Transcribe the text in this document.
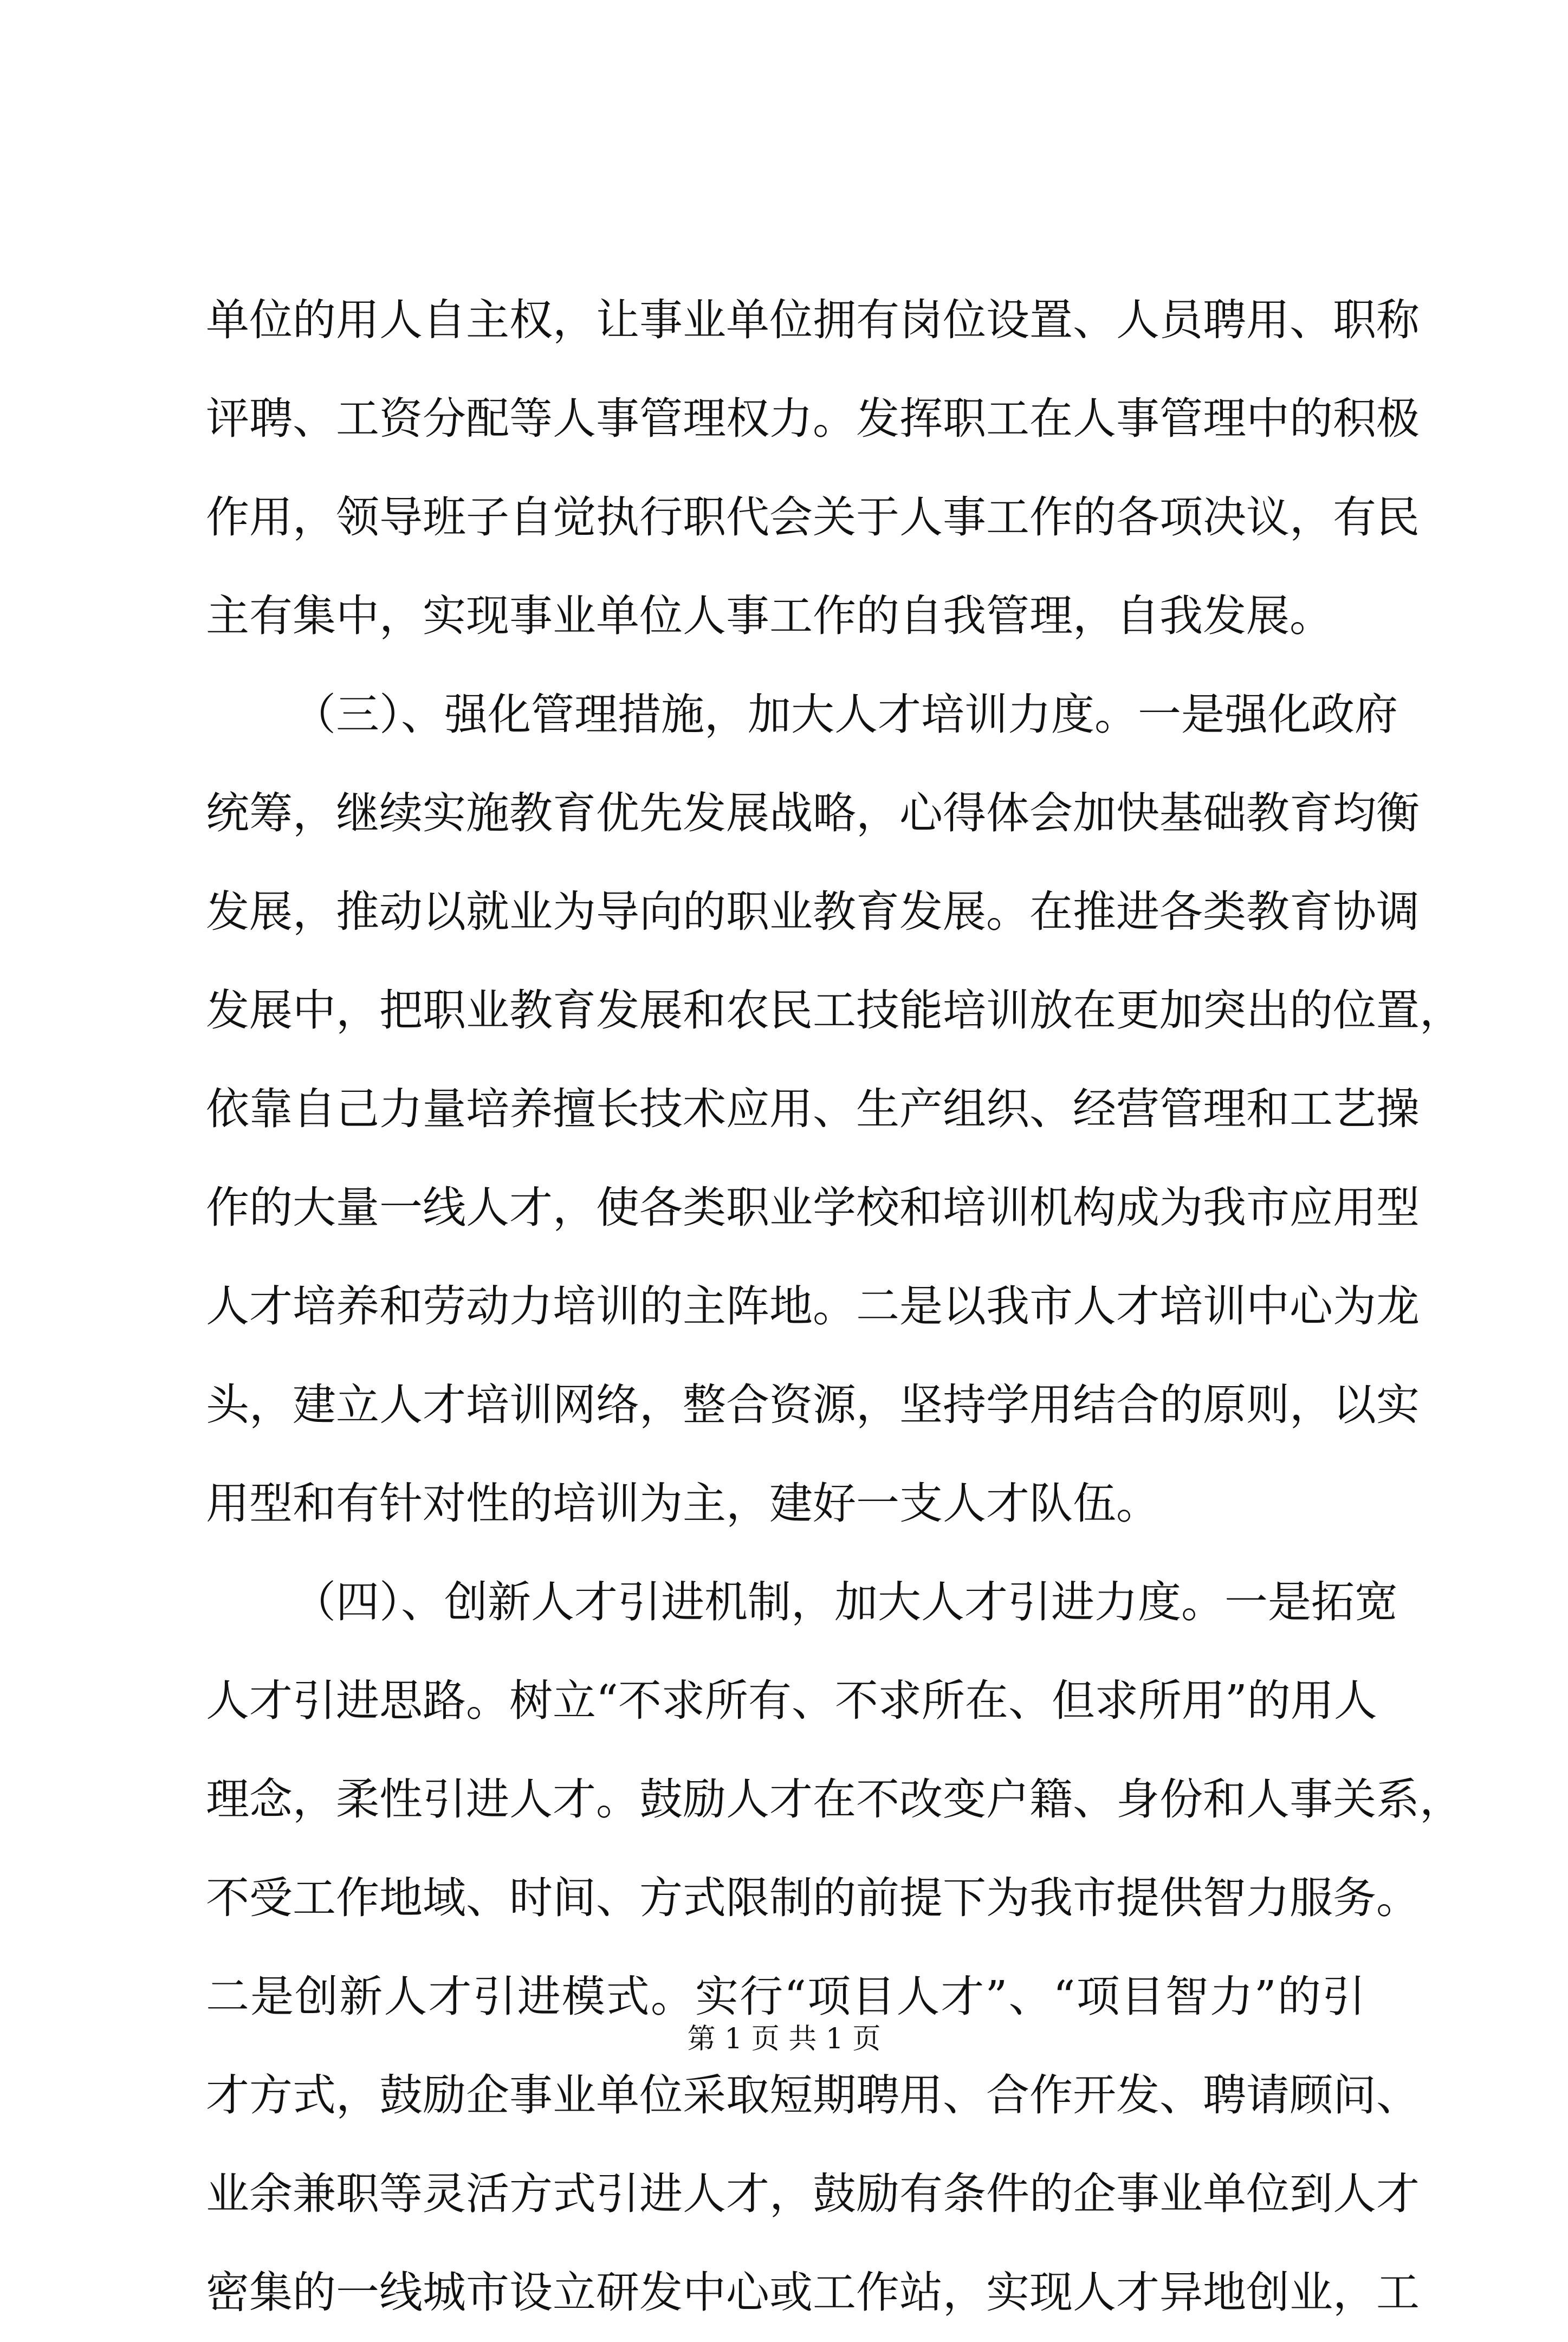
单位的用人自主权，让事业单位拥有岗位设置、人员聘用、职称
评聘、工资分配等人事管理权力。发挥职工在人事管理中的积极
作用，领导班子自觉执行职代会关于人事工作的各项决议，有民
主有集中，实现事业单位人事工作的自我管理，自我发展。
（三）、强化管理措施，加大人才培训力度。一是强化政府
统筹，继续实施教育优先发展战略，心得体会加快基础教育均衡
发展，推动以就业为导向的职业教育发展。在推进各类教育协调
发展中，把职业教育发展和农民工技能培训放在更加突出的位置，
依靠自己力量培养擅长技术应用、生产组织、经营管理和工艺操
作的大量一线人才，使各类职业学校和培训机构成为我市应用型
人才培养和劳动力培训的主阵地。二是以我市人才培训中心为龙
头，建立人才培训网络，整合资源，坚持学用结合的原则，以实
用型和有针对性的培训为主，建好一支人才队伍。
（四）、创新人才引进机制，加大人才引进力度。一是拓宽
人才引进思路。树立“不求所有、不求所在、但求所用”的用人
理念，柔性引进人才。鼓励人才在不改变户籍、身份和人事关系，
不受工作地域、时间、方式限制的前提下为我市提供智力服务。
二是创新人才引进模式。实行“项目人才”、“项目智力”的引
才方式，鼓励企事业单位采取短期聘用、合作开发、聘请顾问、
业余兼职等灵活方式引进人才，鼓励有条件的企事业单位到人才
密集的一线城市设立研发中心或工作站，实现人才异地创业，工
第 1 页 共 1 页
